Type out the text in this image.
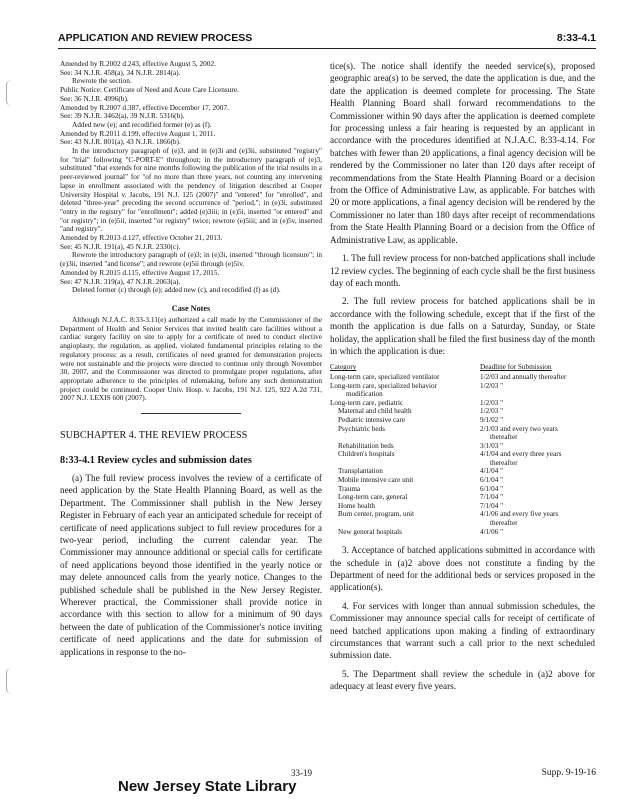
APPLICATION AND REVIEW PROCESS	8:33-4.1

Amended by R.2002 d.243, effective August 5, 2002.

See: 34 N.J.R. 458(a), 34 N.J.R. 2814(a).

Rewrote the section.

Public Notice: Certificate of Need and Acute Care Licensure.

See: 36 N.J.R. 4996(b).

Amended by R.2007 d.387, effective December 17, 2007.

See: 39 N.J.R. 3462(a), 39 N.J.R. 5316(b).

Added new (e); and recodified former (e) as (f).

Amended by R.2011 d.199, effective August 1, 2011.

See: 43 N.J.R. 801(a), 43 N.J.R. 1866(b).

In the introductory paragraph of (e)3, and in (e)3i and (e)3ii, substituted "registry" for "trial" following "C-PORT-E" throughout; in the introductory paragraph of (e)3, substituted "that extends for nine months following the publication of the trial results in a peer-reviewed journal" for "of no more than three years, not counting any intervening lapse in enrollment associated with the pendency of litigation described at Cooper University Hospital v. Jacobs, 191 N.J. 125 (2007)" and "entered" for "enrolled", and deleted "three-year" preceding the second occurrence of "period,"; in (e)3i, substituted "entry in the registry" for "enrollment"; added (e)3iii; in (e)5i, inserted "or entered" and "or registry"; in (e)5ii, inserted "or registry" twice; rewrote (e)5iii; and in (e)5v, inserted "and registry".

Amended by R.2013 d.127, effective October 21, 2013.

See: 45 N.J.R. 191(a), 45 N.J.R. 2330(c).

Rewrote the introductory paragraph of (e)3; in (e)3i, inserted "through licensure"; in (e)3ii, inserted "and license"; and rewrote (e)5ii through (e)5iv.

Amended by R.2015 d.115, effective August 17, 2015.

See: 47 N.J.R. 319(a), 47 N.J.R. 2063(a).

Deleted former (c) through (e); added new (c), and recodified (f) as (d).

Case Notes

Although N.J.A.C. 8:33-3.11(e) authorized a call made by the Commissioner of the Department of Health and Senior Services that invited health care facilities without a cardiac surgery facility on site to apply for a certificate of need to conduct elective angioplasty, the regulation, as applied, violated fundamental principles relating to the regulatory process: as a result, certificates of need granted for demonstration projects were not sustainable and the projects were directed to continue only through November 30, 2007, and the Commissioner was directed to promulgate proper regulations, after appropriate adherence to the principles of rulemaking, before any such demonstration project could be continued. Cooper Univ. Hosp. v. Jacobs, 191 N.J. 125, 922 A.2d 731, 2007 N.J. LEXIS 600 (2007).

SUBCHAPTER 4. THE REVIEW PROCESS

8:33-4.1 Review cycles and submission dates

(a) The full review process involves the review of a certificate of need application by the State Health Planning Board, as well as the Department. The Commissioner shall publish in the New Jersey Register in February of each year an anticipated schedule for receipt of certificate of need applications subject to full review procedures for a two-year period, including the current calendar year. The Commissioner may announce additional or special calls for certificate of need applications beyond those identified in the yearly notice or may delete announced calls from the yearly notice. Changes to the published schedule shall be published in the New Jersey Register. Wherever practical, the Commissioner shall provide notice in accordance with this section to allow for a minimum of 90 days between the date of publication of the Commissioner's notice inviting certificate of need applications and the date for submission of applications in response to the no-

tice(s). The notice shall identify the needed service(s), proposed geographic area(s) to be served, the date the application is due, and the date the application is deemed complete for processing. The State Health Planning Board shall forward recommendations to the Commissioner within 90 days after the application is deemed complete for processing unless a fair hearing is requested by an applicant in accordance with the procedures identified at N.J.A.C. 8:33-4.14. For batches with fewer than 20 applications, a final agency decision will be rendered by the Commissioner no later than 120 days after receipt of recommendations from the State Health Planning Board or a decision from the Office of Administrative Law, as applicable. For batches with 20 or more applications, a final agency decision will be rendered by the Commissioner no later than 180 days after receipt of recommendations from the State Health Planning Board or a decision from the Office of Administrative Law, as applicable.

1. The full review process for non-batched applications shall include 12 review cycles. The beginning of each cycle shall be the first business day of each month.

2. The full review process for batched applications shall be in accordance with the following schedule, except that if the first of the month the application is due falls on a Saturday, Sunday, or State holiday, the application shall be filed the first business day of the month in which the application is due:

Category	Deadline for Submission
Long-term care, specialized ventilator	1/2/03 and annually thereafter
Long-term care, specialized behavior	1/2/03 "
modification
Long-term care, pediatric	1/2/03 "
Maternal and child health	1/2/03 "
Pediatric intensive care	9/1/02 "
Psychiatric beds	2/1/03 and every two years
thereafter
Rehabilitation beds	3/1/03 "
Children's hospitals	4/1/04 and every three years
thereafter
Transplantation	4/1/04 "
Mobile intensive care unit	6/1/04 "
Trauma	6/1/04 "
Long-term care, general	7/1/04 "
Home health	7/1/04 "
Burn center, program, unit	4/1/06 and every five years
thereafter
New general hospitals	4/1/06 "

3. Acceptance of batched applications submitted in accordance with the schedule in (a)2 above does not constitute a finding by the Department of need for the additional beds or services proposed in the application(s).

4. For services with longer than annual submission schedules, the Commissioner may announce special calls for receipt of certificate of need batched applications upon making a finding of extraordinary circumstances that warrant such a call prior to the next scheduled submission date.

5. The Department shall review the schedule in (a)2 above for adequacy at least every five years.

33-19	Supp. 9-19-16
New Jersey State Library
